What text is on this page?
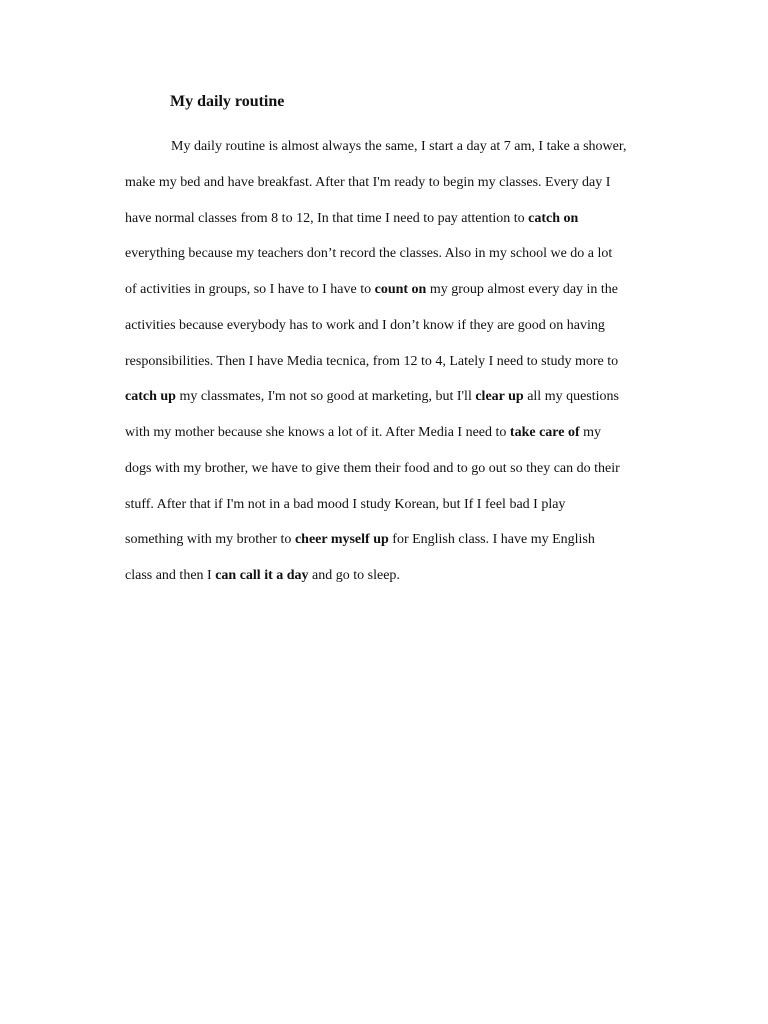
My daily routine

My daily routine is almost always the same, I start a day at 7 am, I take a shower,

make my bed and have breakfast. After that I'm ready to begin my classes. Every day I

have normal classes from 8 to 12, In that time I need to pay attention to catch on

everything because my teachers don’t record the classes. Also in my school we do a lot

of activities in groups, so I have to I have to count on my group almost every day in the

activities because everybody has to work and I don’t know if they are good on having

responsibilities. Then I have Media tecnica, from 12 to 4, Lately I need to study more to

catch up my classmates, I'm not so good at marketing, but I'll clear up all my questions

with my mother because she knows a lot of it. After Media I need to take care of my

dogs with my brother, we have to give them their food and to go out so they can do their

stuff. After that if I'm not in a bad mood I study Korean, but If I feel bad I play

something with my brother to cheer myself up for English class. I have my English

class and then I can call it a day and go to sleep.
